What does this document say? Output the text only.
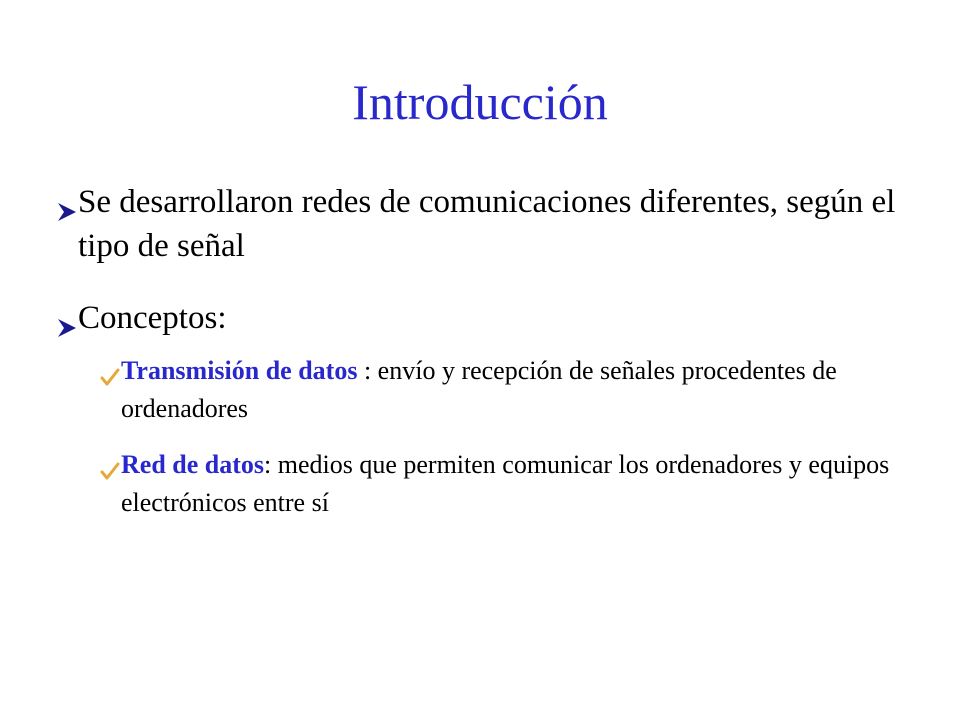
Introducción
Se desarrollaron redes de comunicaciones diferentes, según el tipo de señal
Conceptos:
Transmisión de datos : envío y recepción de señales procedentes de ordenadores
Red de datos: medios que permiten comunicar los ordenadores y equipos electrónicos entre sí
